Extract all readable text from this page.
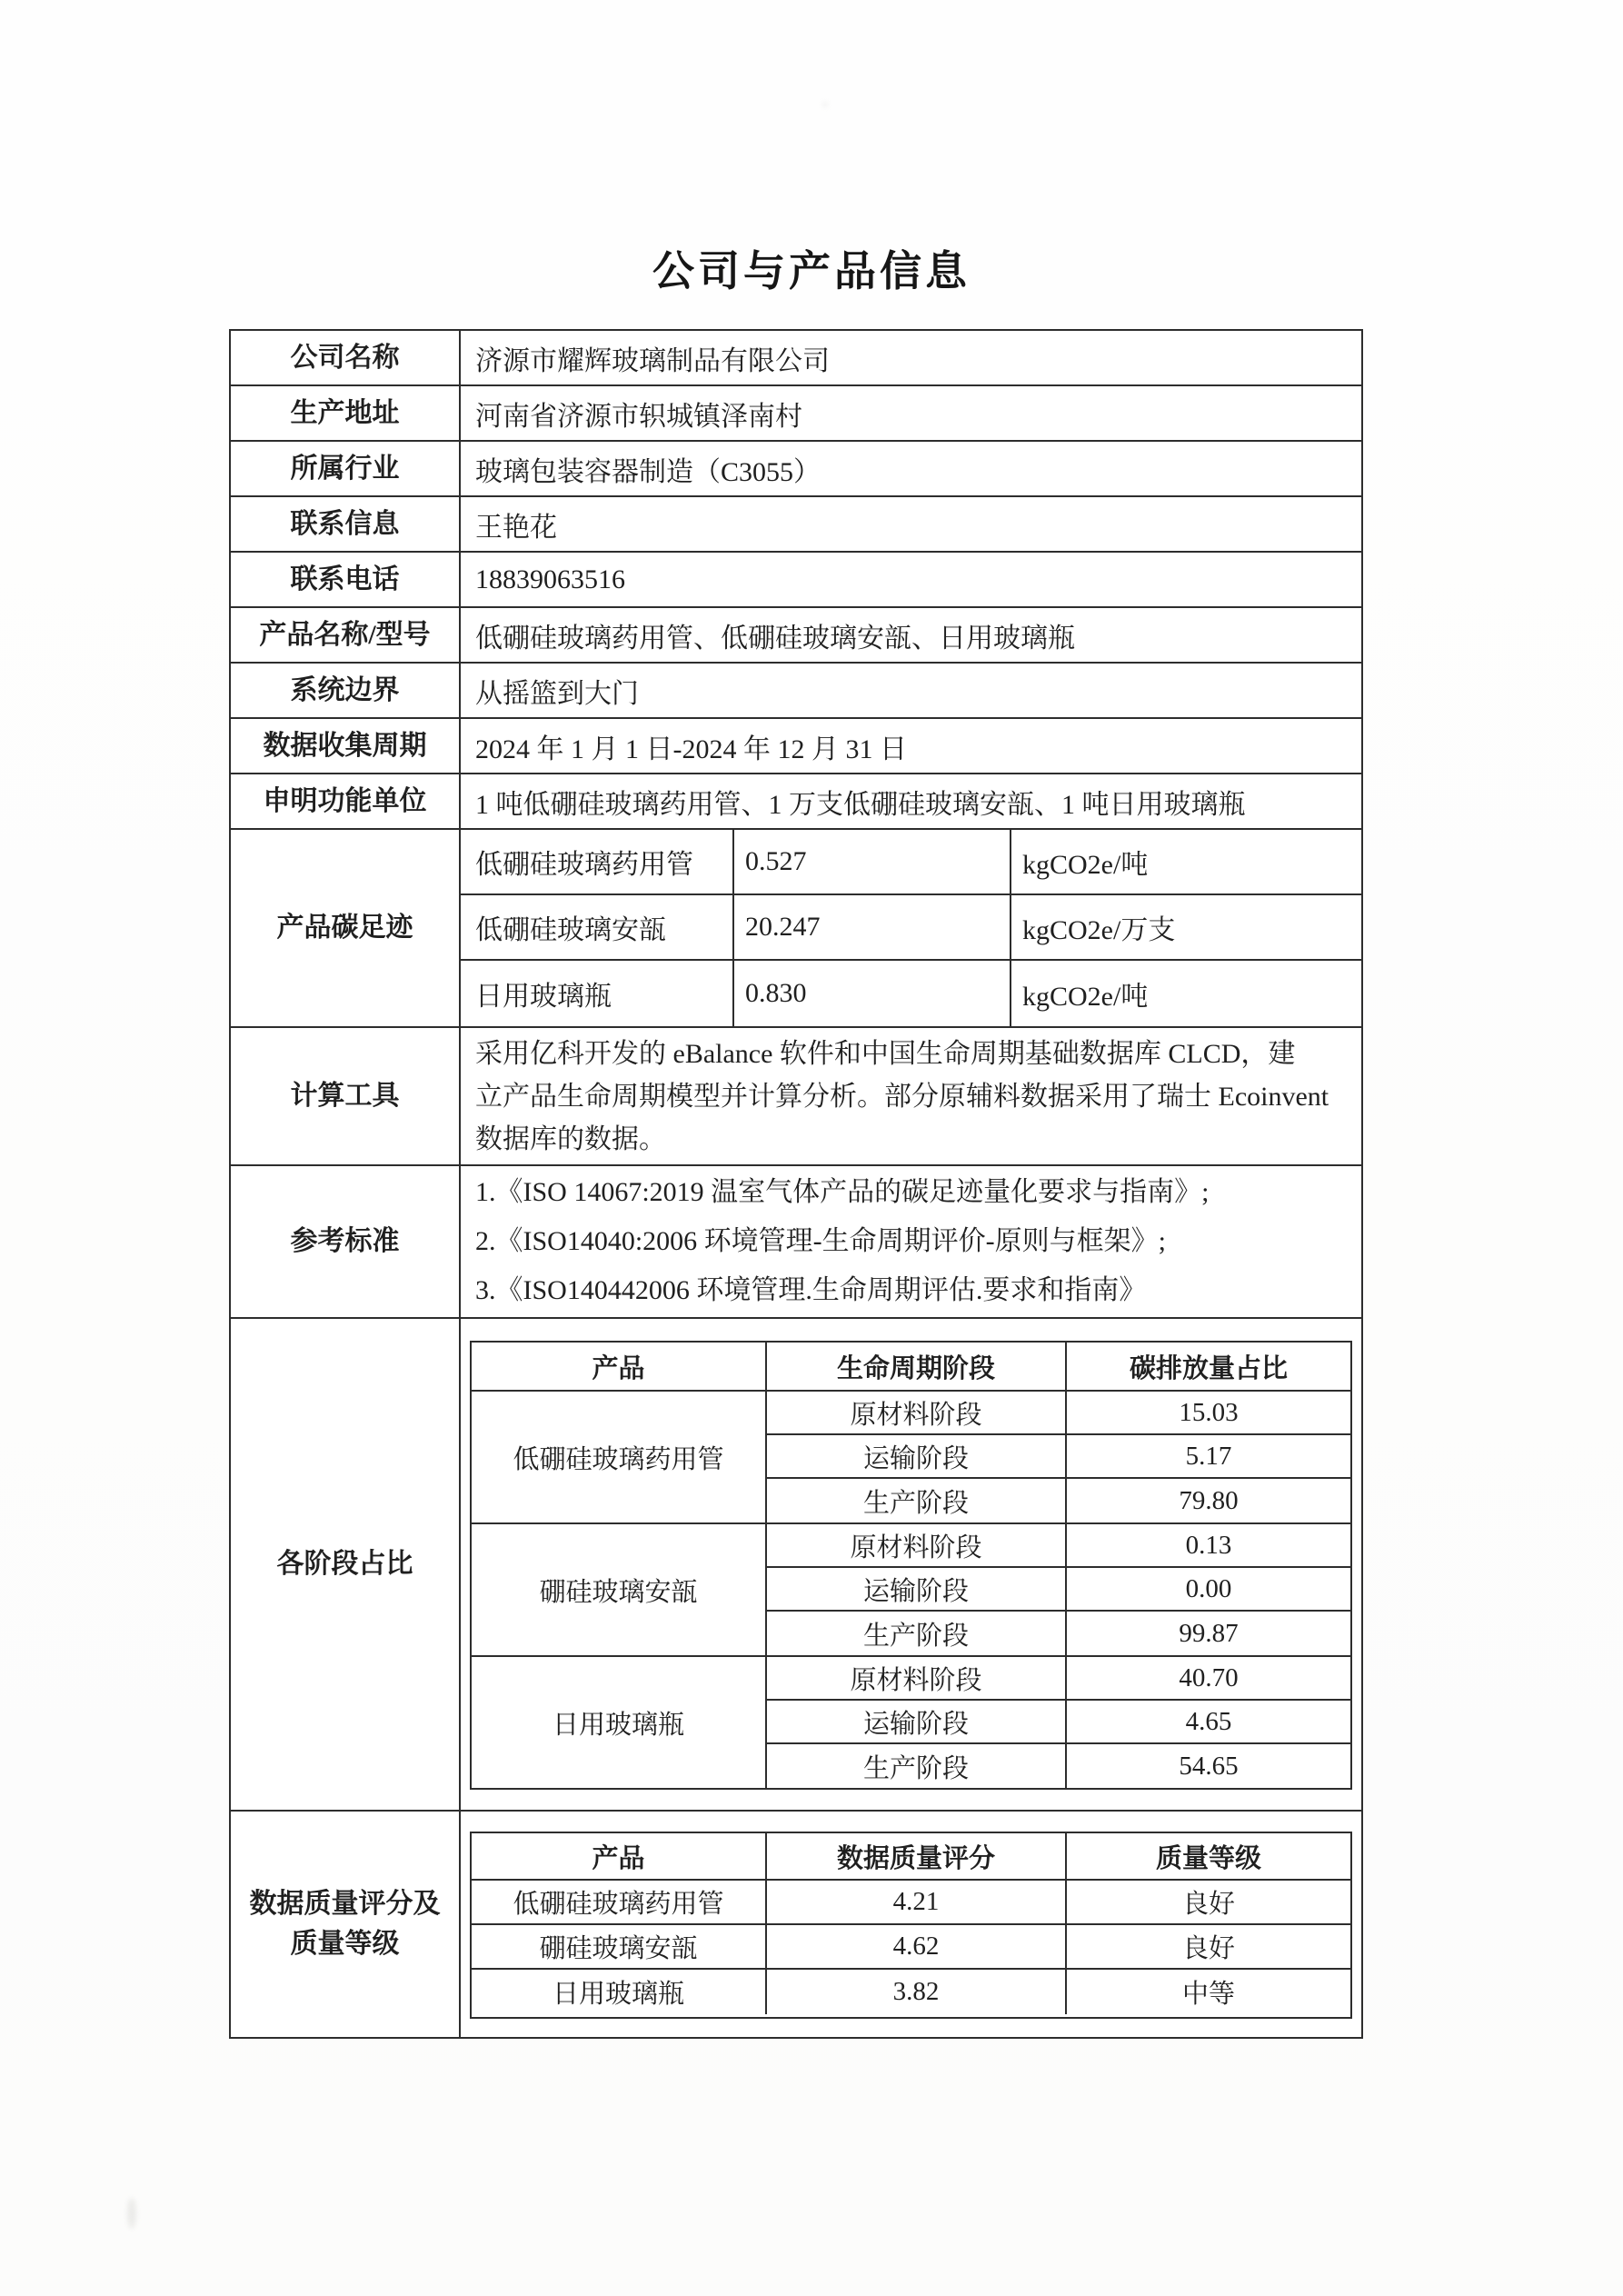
公司与产品信息
公司名称	济源市耀辉玻璃制品有限公司
生产地址	河南省济源市轵城镇泽南村
所属行业	玻璃包装容器制造（C3055）
联系信息	王艳花
联系电话	18839063516
产品名称/型号	低硼硅玻璃药用管、低硼硅玻璃安瓿、日用玻璃瓶
系统边界	从摇篮到大门
数据收集周期	2024 年 1 月 1 日-2024 年 12 月 31 日
申明功能单位	1 吨低硼硅玻璃药用管、1 万支低硼硅玻璃安瓿、1 吨日用玻璃瓶
产品碳足迹
低硼硅玻璃药用管	0.527	kgCO2e/吨
低硼硅玻璃安瓿	20.247	kgCO2e/万支
日用玻璃瓶	0.830	kgCO2e/吨
计算工具
采用亿科开发的 eBalance 软件和中国生命周期基础数据库 CLCD，建
立产品生命周期模型并计算分析。部分原辅料数据采用了瑞士 Ecoinvent
数据库的数据。
参考标准
1.《ISO 14067:2019 温室气体产品的碳足迹量化要求与指南》;
2.《ISO14040:2006 环境管理-生命周期评价-原则与框架》;
3.《ISO140442006 环境管理.生命周期评估.要求和指南》
各阶段占比
产品	生命周期阶段	碳排放量占比
低硼硅玻璃药用管
原材料阶段	15.03
运输阶段	5.17
生产阶段	79.80
硼硅玻璃安瓿
原材料阶段	0.13
运输阶段	0.00
生产阶段	99.87
日用玻璃瓶
原材料阶段	40.70
运输阶段	4.65
生产阶段	54.65
数据质量评分及
质量等级
产品	数据质量评分	质量等级
低硼硅玻璃药用管	4.21	良好
硼硅玻璃安瓿	4.62	良好
日用玻璃瓶	3.82	中等
